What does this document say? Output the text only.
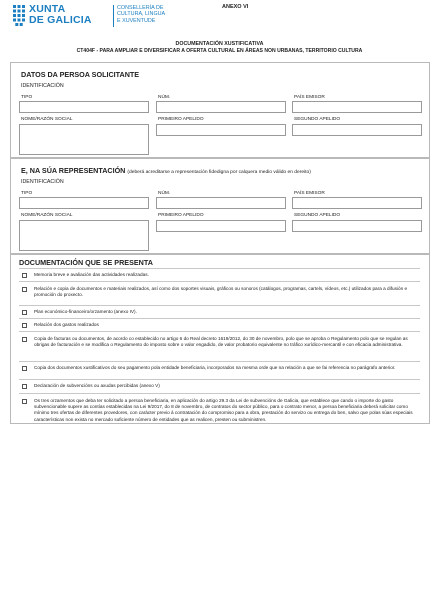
XUNTA
DE GALICIA
CONSELLERÍA DE
CULTURA, LINGUA
E XUVENTUDE
ANEXO VI
DOCUMENTACIÓN XUSTIFICATIVA
CT404F - PARA AMPLIAR E DIVERSIFICAR A OFERTA CULTURAL EN ÁREAS NON URBANAS, TERRITORIO CULTURA
DATOS DA PERSOA SOLICITANTE
IDENTIFICACIÓN
TIPO	NÚM.	PAÍS EMISOR
NOME/RAZÓN SOCIAL	PRIMEIRO APELIDO	SEGUNDO APELIDO
E, NA SÚA REPRESENTACIÓN (deberá acreditarse a representación fidedigna por calquera medio válido en dereito)
IDENTIFICACIÓN
TIPO	NÚM.	PAÍS EMISOR
NOME/RAZÓN SOCIAL	PRIMEIRO APELIDO	SEGUNDO APELIDO
DOCUMENTACIÓN QUE SE PRESENTA
Memoria breve e avaliación das actividades realizadas.
Relación e copia de documentos e materiais realizados, así como dos soportes visuais, gráficos ou sonoros (catálogos, programas, cartels, vídeos, etc.) utilizados para a difusión e promoción do proxecto.
Plan económico-financeiro/orzamento (anexo IV).
Relación dos gastos realizados
Copia de facturas ou documentos, de acordo co establecido no artigo 6 do Real decreto 1619/2012, do 30 de novembro, polo que se aproba o Regulamento polo que se regulan as obrigas de facturación e se modifica o Regulamento do imposto sobre o valor engadido, de valor probatorio equivalente no tráfico xurídico-mercantil e con eficacia administrativa.
Copia dos documentos xustificativos do seu pagamento pola entidade beneficiaria, incorporados na mesma orde que na relación a que se fai referencia no parágrafo anterior.
Declaración de subvencións ou axudas percibidas (anexo V)
Os tres orzamentos que deba ter solicitado a persoa beneficiaria, en aplicación do artigo 29.3 da Lei de subvencións de Galicia, que establece que cando o importe do gasto subvencionable supere as contías establecidas na Lei 9/2017, do 8 de novembro, de contratos do sector público, para o contrato menor, a persoa beneficiaria deberá solicitar como mínimo tres ofertas de diferentes provedores, con carácter previo á contratación do compromiso para a obra, prestación do servizo ou entrega do ben, salvo que polas súas especiais características non exista no mercado suficiente número de entidades que as realicen, presten ou subministren.
